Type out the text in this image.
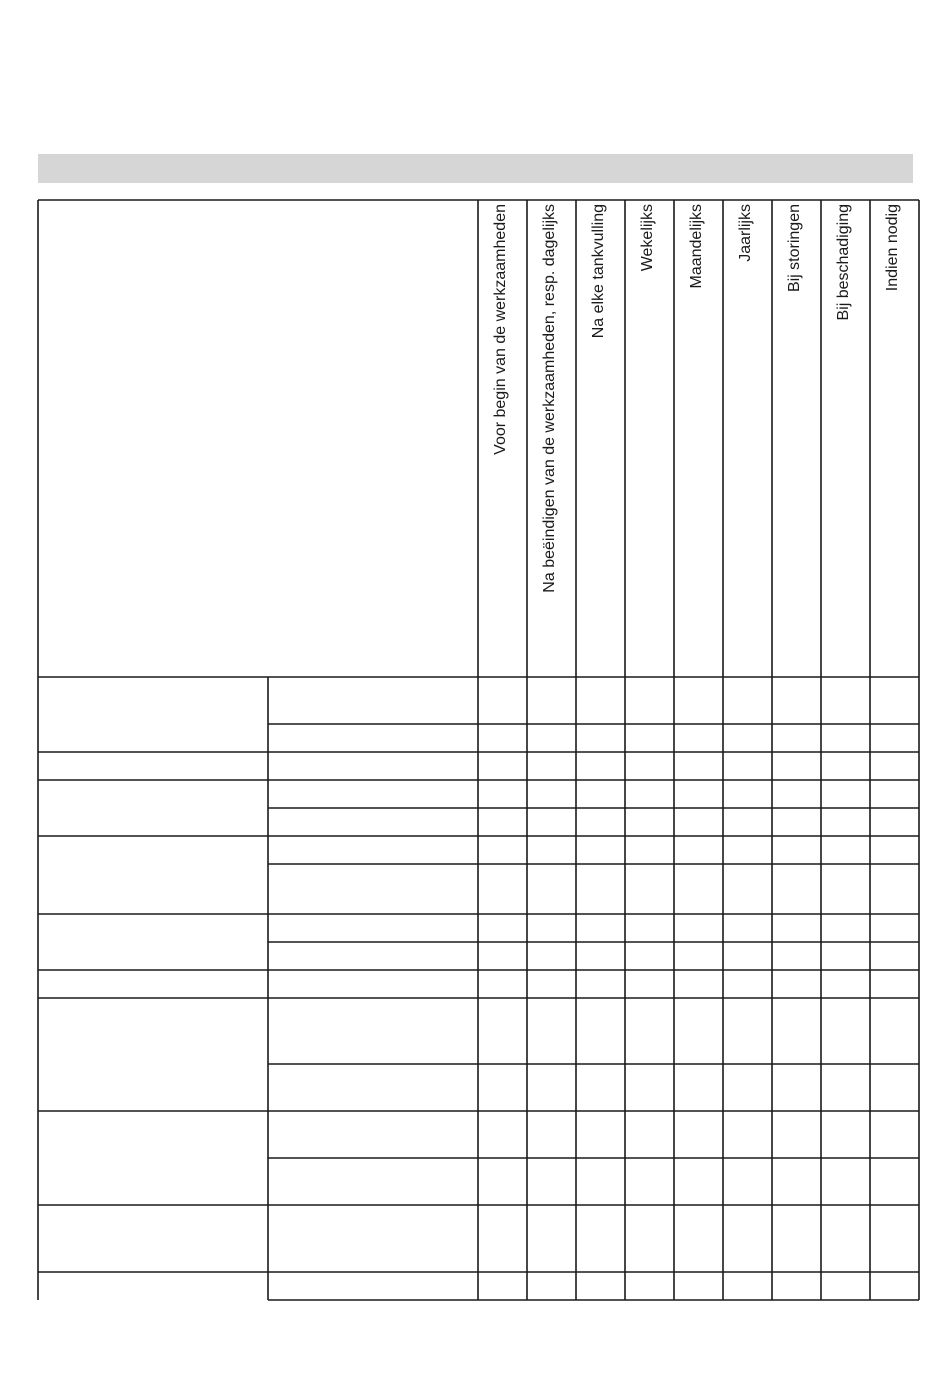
Voor begin van de werkzaamheden	Na beëindigen van de werkzaamheden, resp. dagelijks	Na elke tankvulling	Wekelijks	Maandelijks	Jaarlijks	Bij storingen	Bij beschadiging	Indien nodig
